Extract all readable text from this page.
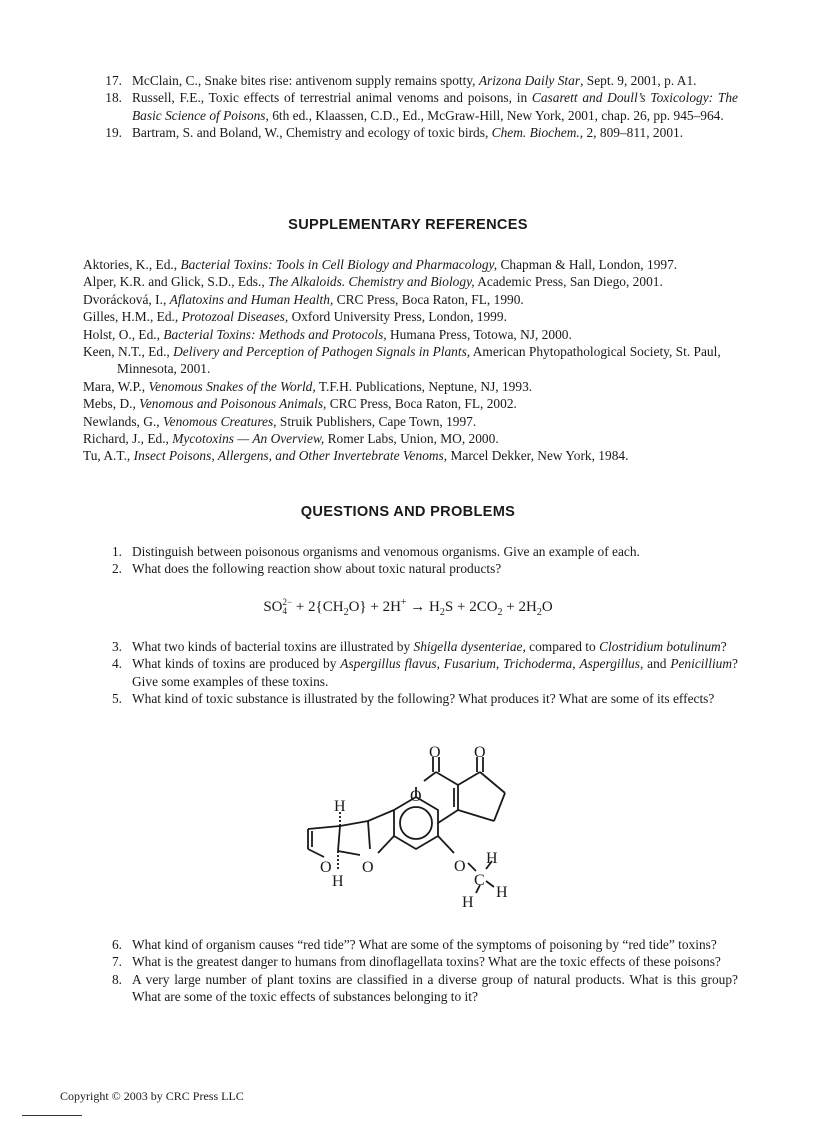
17. McClain, C., Snake bites rise: antivenom supply remains spotty, Arizona Daily Star, Sept. 9, 2001, p. A1.
18. Russell, F.E., Toxic effects of terrestrial animal venoms and poisons, in Casarett and Doull’s Toxicology: The Basic Science of Poisons, 6th ed., Klaassen, C.D., Ed., McGraw-Hill, New York, 2001, chap. 26, pp. 945–964.
19. Bartram, S. and Boland, W., Chemistry and ecology of toxic birds, Chem. Biochem., 2, 809–811, 2001.
SUPPLEMENTARY REFERENCES
Aktories, K., Ed., Bacterial Toxins: Tools in Cell Biology and Pharmacology, Chapman & Hall, London, 1997.
Alper, K.R. and Glick, S.D., Eds., The Alkaloids. Chemistry and Biology, Academic Press, San Diego, 2001.
Dvorácková, I., Aflatoxins and Human Health, CRC Press, Boca Raton, FL, 1990.
Gilles, H.M., Ed., Protozoal Diseases, Oxford University Press, London, 1999.
Holst, O., Ed., Bacterial Toxins: Methods and Protocols, Humana Press, Totowa, NJ, 2000.
Keen, N.T., Ed., Delivery and Perception of Pathogen Signals in Plants, American Phytopathological Society, St. Paul, Minnesota, 2001.
Mara, W.P., Venomous Snakes of the World, T.F.H. Publications, Neptune, NJ, 1993.
Mebs, D., Venomous and Poisonous Animals, CRC Press, Boca Raton, FL, 2002.
Newlands, G., Venomous Creatures, Struik Publishers, Cape Town, 1997.
Richard, J., Ed., Mycotoxins — An Overview, Romer Labs, Union, MO, 2000.
Tu, A.T., Insect Poisons, Allergens, and Other Invertebrate Venoms, Marcel Dekker, New York, 1984.
QUESTIONS AND PROBLEMS
1. Distinguish between poisonous organisms and venomous organisms. Give an example of each.
2. What does the following reaction show about toxic natural products?
SO 2−
$4 + 2\{CH_2O\} + 2H^+ \to H_2S + 2CO_2 + 2H_2O$
3. What two kinds of bacterial toxins are illustrated by Shigella dysenteriae, compared to Clostridium botulinum?
4. What kinds of toxins are produced by Aspergillus flavus, Fusarium, Trichoderma, Aspergillus, and Penicillium? Give some examples of these toxins.
5. What kind of toxic substance is illustrated by the following? What produces it? What are some of its effects?
O O
O
H
O O
H
O
C
H
H
H
6. What kind of organism causes “red tide”? What are some of the symptoms of poisoning by “red tide” toxins?
7. What is the greatest danger to humans from dinoflagellata toxins? What are the toxic effects of these poisons?
8. A very large number of plant toxins are classified in a diverse group of natural products. What is this group? What are some of the toxic effects of substances belonging to it?
Copyright © 2003 by CRC Press LLC
